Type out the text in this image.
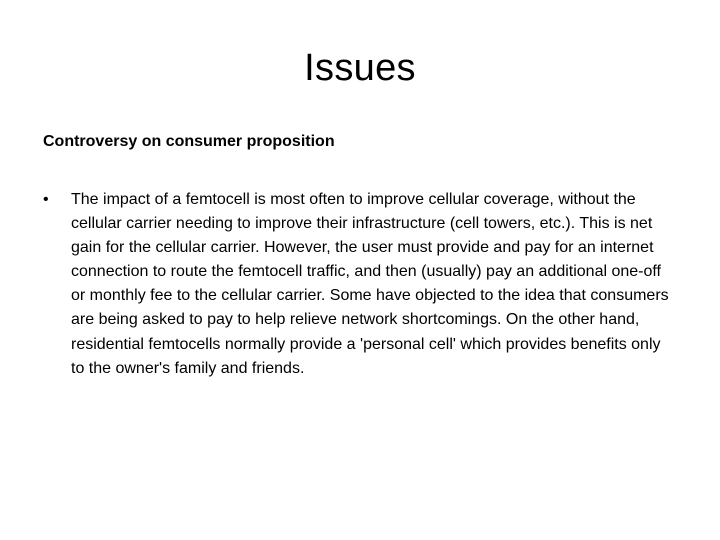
Issues

Controversy on consumer proposition

•	The impact of a femtocell is most often to improve cellular coverage, without the cellular carrier needing to improve their infrastructure (cell towers, etc.). This is net gain for the cellular carrier. However, the user must provide and pay for an internet connection to route the femtocell traffic, and then (usually) pay an additional one-off or monthly fee to the cellular carrier. Some have objected to the idea that consumers are being asked to pay to help relieve network shortcomings. On the other hand, residential femtocells normally provide a 'personal cell' which provides benefits only to the owner's family and friends.
